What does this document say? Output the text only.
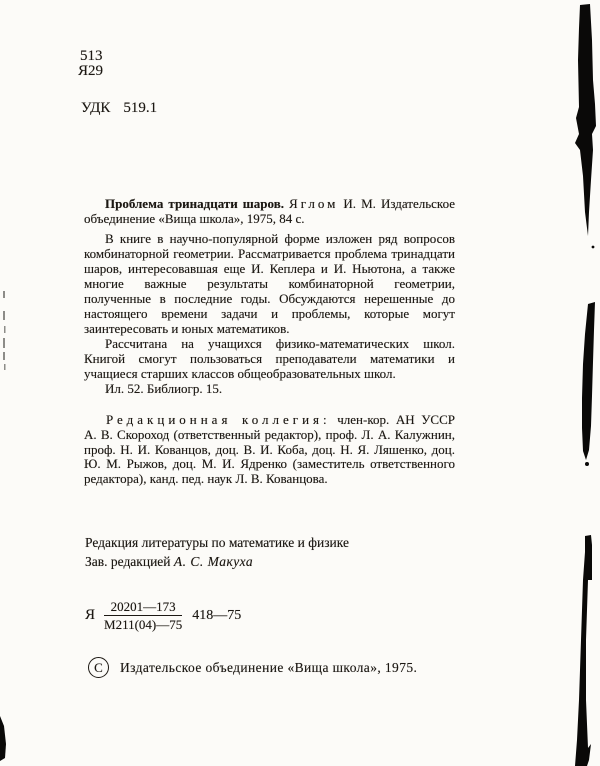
513
Я29
УДК 519.1

Проблема тринадцати шаров. Яглом И. М. Издательское объединение «Вища школа», 1975, 84 с.

В книге в научно-популярной форме изложен ряд вопросов комбинаторной геометрии. Рассматривается проблема тринадцати шаров, интересовавшая еще И. Кеплера и И. Ньютона, а также многие важные результаты комбинаторной геометрии, полученные в последние годы. Обсуждаются нерешенные до настоящего времени задачи и проблемы, которые могут заинтересовать и юных математиков.

Рассчитана на учащихся физико-математических школ. Книгой смогут пользоваться преподаватели математики и учащиеся старших классов общеобразовательных школ.

Ил. 52. Библиогр. 15.

Редакционная коллегия: член-кор. АН УССР А. В. Скороход (ответственный редактор), проф. Л. А. Калужнин, проф. Н. И. Кованцов, доц. В. И. Коба, доц. Н. Я. Ляшенко, доц. Ю. М. Рыжов, доц. М. И. Ядренко (заместитель ответственного редактора), канд. пед. наук Л. В. Кованцова.

Редакция литературы по математике и физике
Зав. редакцией А. С. Макуха
Я $\frac{20201—173}{М211(04)—75}$ 418—75
C	Издательское объединение «Вища школа», 1975.
